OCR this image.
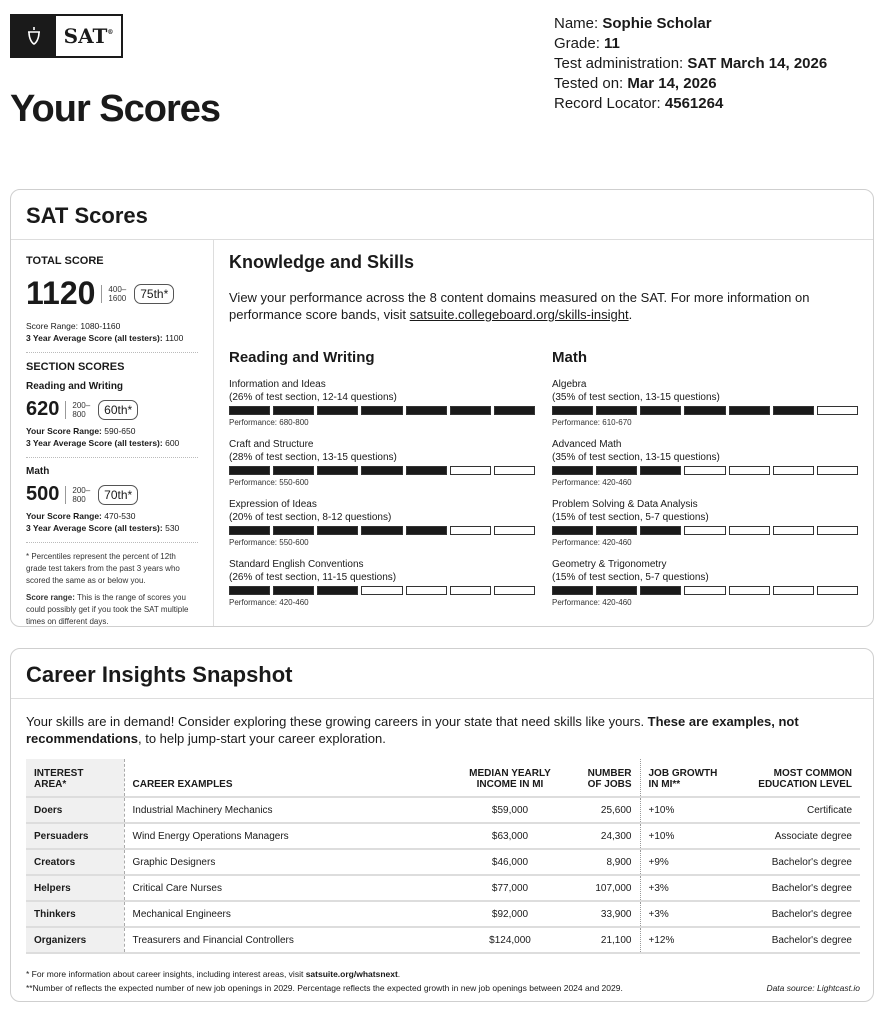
SAT®
Your Scores
Name: Sophie Scholar
Grade: 11
Test administration: SAT March 14, 2026
Tested on: Mar 14, 2026
Record Locator: 4561264
SAT Scores
TOTAL SCORE
1120 400–
1600	75th*
Score Range: 1080-1160
3 Year Average Score (all testers): 1100
SECTION SCORES
Reading and Writing
620 200–
800	60th*
Your Score Range: 590-650
3 Year Average Score (all testers): 600
Math
500 200–
800	70th*
Your Score Range: 470-530
3 Year Average Score (all testers): 530
* Percentiles represent the percent of 12th grade test takers from the past 3 years who scored the same as or below you.
Score range: This is the range of scores you could possibly get if you took the SAT multiple times on different days.
Knowledge and Skills

View your performance across the 8 content domains measured on the SAT. For more information on performance score bands, visit satsuite.collegeboard.org/skills-insight.

Reading and Writing
Information and Ideas
(26% of test section, 12-14 questions)
Performance: 680-800
Craft and Structure
(28% of test section, 13-15 questions)
Performance: 550-600
Expression of Ideas
(20% of test section, 8-12 questions)
Performance: 550-600
Standard English Conventions
(26% of test section, 11-15 questions)
Performance: 420-460
Math
Algebra
(35% of test section, 13-15 questions)
Performance: 610-670
Advanced Math
(35% of test section, 13-15 questions)
Performance: 420-460
Problem Solving & Data Analysis
(15% of test section, 5-7 questions)
Performance: 420-460
Geometry & Trigonometry
(15% of test section, 5-7 questions)
Performance: 420-460
Career Insights Snapshot

Your skills are in demand! Consider exploring these growing careers in your state that need skills like yours. These are examples, not recommendations, to help jump-start your career exploration.

INTEREST AREA*	CAREER EXAMPLES	MEDIAN YEARLY INCOME IN MI	NUMBER OF JOBS	JOB GROWTH IN MI**	MOST COMMON EDUCATION LEVEL
Doers	Industrial Machinery Mechanics	$59,000	25,600	+10%	Certificate
Persuaders	Wind Energy Operations Managers	$63,000	24,300	+10%	Associate degree
Creators	Graphic Designers	$46,000	8,900	+9%	Bachelor's degree
Helpers	Critical Care Nurses	$77,000	107,000	+3%	Bachelor's degree
Thinkers	Mechanical Engineers	$92,000	33,900	+3%	Bachelor's degree
Organizers	Treasurers and Financial Controllers	$124,000	21,100	+12%	Bachelor's degree
* For more information about career insights, including interest areas, visit satsuite.org/whatsnext.
**Number of reflects the expected number of new job openings in 2029. Percentage reflects the expected growth in new job openings between 2024 and 2029.	Data source: Lightcast.io
